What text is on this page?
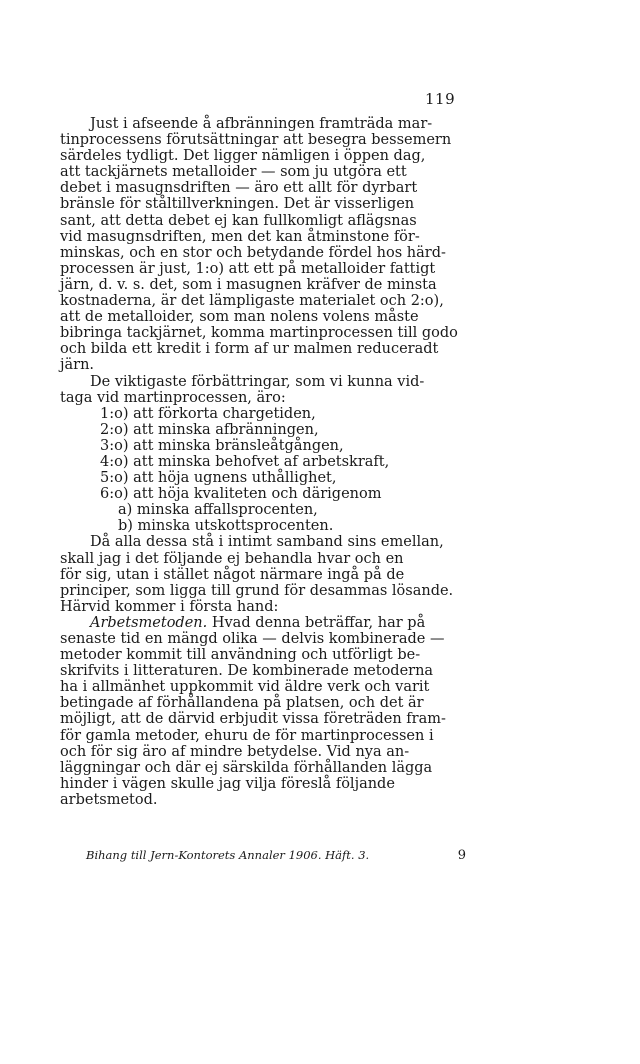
119

Just i afseende å afbränningen framträda mar-
tinprocessens förutsättningar att besegra bessemern
särdeles tydligt. Det ligger nämligen i öppen dag,
att tackjärnets metalloider — som ju utgöra ett
debet i masugnsdriften — äro ett allt för dyrbart
bränsle för ståltillverkningen. Det är visserligen
sant, att detta debet ej kan fullkomligt aflägsnas
vid masugnsdriften, men det kan åtminstone för-
minskas, och en stor och betydande fördel hos härd-
processen är just, 1:o) att ett på metalloider fattigt
järn, d. v. s. det, som i masugnen kräfver de minsta
kostnaderna, är det lämpligaste materialet och 2:o),
att de metalloider, som man nolens volens måste
bibringa tackjärnet, komma martinprocessen till godo
och bilda ett kredit i form af ur malmen reduceradt
järn.

De viktigaste förbättringar, som vi kunna vid-
taga vid martinprocessen, äro:

1:o) att förkorta chargetiden,
2:o) att minska afbränningen,
3:o) att minska bränsleåtgången,
4:o) att minska behofvet af arbetskraft,
5:o) att höja ugnens uthållighet,
6:o) att höja kvaliteten och därigenom
a) minska affallsprocenten,
b) minska utskottsprocenten.

Då alla dessa stå i intimt samband sins emellan,
skall jag i det följande ej behandla hvar och en
för sig, utan i stället något närmare ingå på de
principer, som ligga till grund för desammas lösande.
Härvid kommer i första hand:

Arbetsmetoden. Hvad denna beträffar, har på
senaste tid en mängd olika — delvis kombinerade —
metoder kommit till användning och utförligt be-
skrifvits i litteraturen. De kombinerade metoderna
ha i allmänhet uppkommit vid äldre verk och varit
betingade af förhållandena på platsen, och det är
möjligt, att de därvid erbjudit vissa företräden fram-
för gamla metoder, ehuru de för martinprocessen i
och för sig äro af mindre betydelse. Vid nya an-
läggningar och där ej särskilda förhållanden lägga
hinder i vägen skulle jag vilja föreslå följande
arbetsmetod.

Bihang till Jern-Kontorets Annaler 1906. Häft. 3.	9
